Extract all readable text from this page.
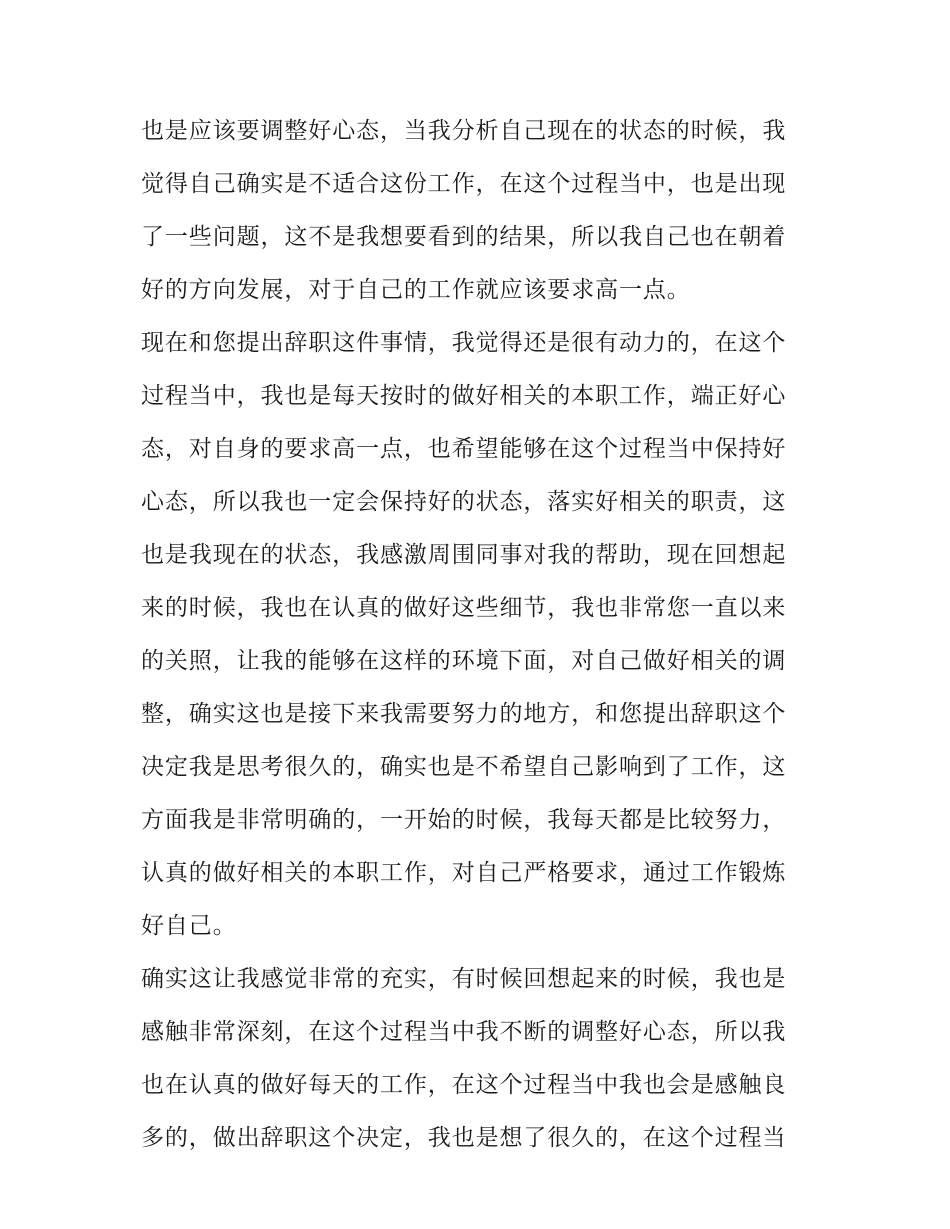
也是应该要调整好心态，当我分析自己现在的状态的时候，我
觉得自己确实是不适合这份工作，在这个过程当中，也是出现
了一些问题，这不是我想要看到的结果，所以我自己也在朝着
好的方向发展，对于自己的工作就应该要求高一点。
现在和您提出辞职这件事情，我觉得还是很有动力的，在这个
过程当中，我也是每天按时的做好相关的本职工作，端正好心
态，对自身的要求高一点，也希望能够在这个过程当中保持好
心态，所以我也一定会保持好的状态，落实好相关的职责，这
也是我现在的状态，我感激周围同事对我的帮助，现在回想起
来的时候，我也在认真的做好这些细节，我也非常您一直以来
的关照，让我的能够在这样的环境下面，对自己做好相关的调
整，确实这也是接下来我需要努力的地方，和您提出辞职这个
决定我是思考很久的，确实也是不希望自己影响到了工作，这
方面我是非常明确的，一开始的时候，我每天都是比较努力，
认真的做好相关的本职工作，对自己严格要求，通过工作锻炼
好自己。
确实这让我感觉非常的充实，有时候回想起来的时候，我也是
感触非常深刻，在这个过程当中我不断的调整好心态，所以我
也在认真的做好每天的工作，在这个过程当中我也会是感触良
多的，做出辞职这个决定，我也是想了很久的，在这个过程当
